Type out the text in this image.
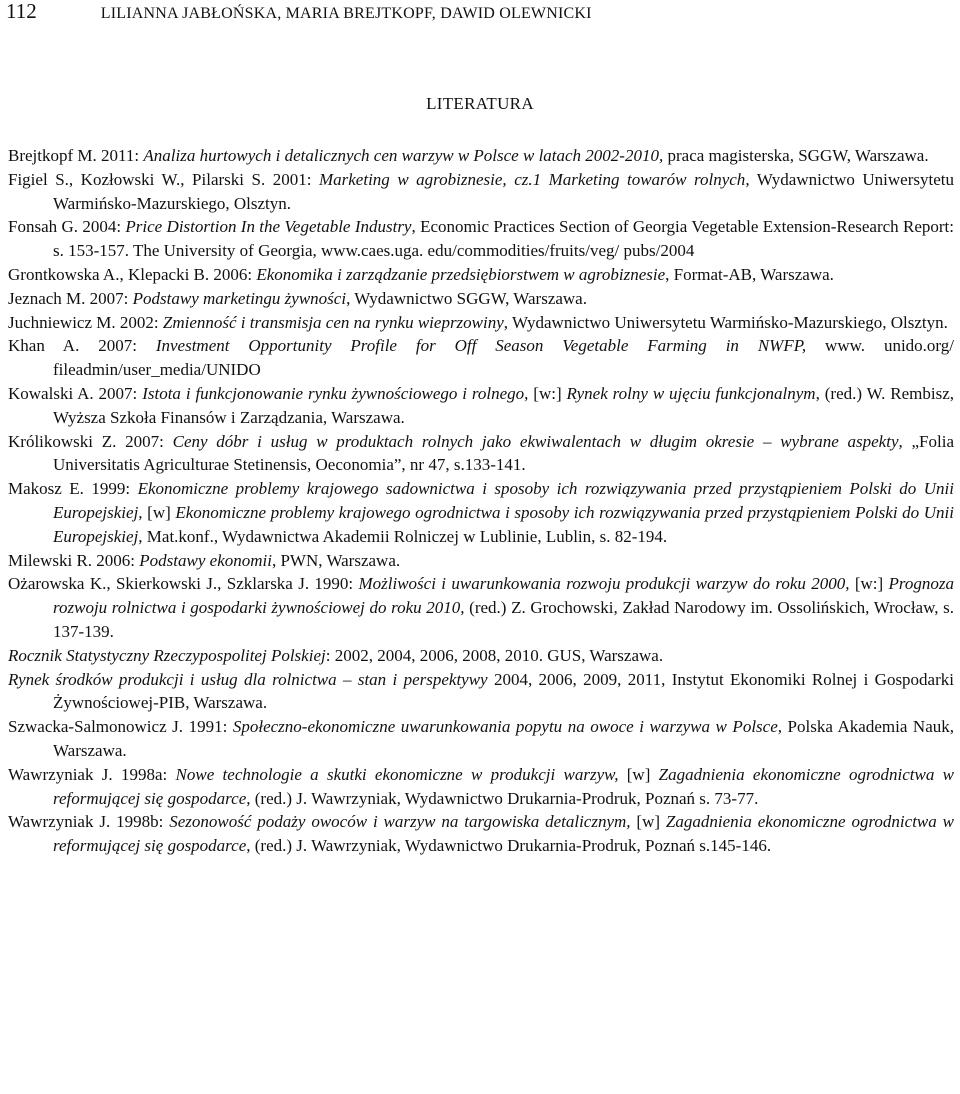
112	LILIANNA JABŁOŃSKA, MARIA BREJTKOPF, DAWID OLEWNICKI
LITERATURA
Brejtkopf M. 2011: Analiza hurtowych i detalicznych cen warzyw w Polsce w latach 2002-2010, praca magisterska, SGGW, Warszawa.
Figiel S., Kozłowski W., Pilarski S. 2001: Marketing w agrobiznesie, cz.1 Marketing towarów rolnych, Wydawnictwo Uniwersytetu Warmińsko-Mazurskiego, Olsztyn.
Fonsah G. 2004: Price Distortion In the Vegetable Industry, Economic Practices Section of Georgia Vegetable Extension-Research Report: s. 153-157. The University of Georgia, www.caes.uga. edu/commodities/fruits/veg/ pubs/2004
Grontkowska A., Klepacki B. 2006: Ekonomika i zarządzanie przedsiębiorstwem w agrobiznesie, Format-AB, Warszawa.
Jeznach M. 2007: Podstawy marketingu żywności, Wydawnictwo SGGW, Warszawa.
Juchniewicz M. 2002: Zmienność i transmisja cen na rynku wieprzowiny, Wydawnictwo Uniwersytetu Warmińsko-Mazurskiego, Olsztyn.
Khan A. 2007: Investment Opportunity Profile for Off Season Vegetable Farming in NWFP, www. unido.org/ fileadmin/user_media/UNIDO
Kowalski A. 2007: Istota i funkcjonowanie rynku żywnościowego i rolnego, [w:] Rynek rolny w ujęciu funkcjonalnym, (red.) W. Rembisz, Wyższa Szkoła Finansów i Zarządzania, Warszawa.
Królikowski Z. 2007: Ceny dóbr i usług w produktach rolnych jako ekwiwalentach w długim okresie – wybrane aspekty, „Folia Universitatis Agriculturae Stetinensis, Oeconomia”, nr 47, s.133-141.
Makosz E. 1999: Ekonomiczne problemy krajowego sadownictwa i sposoby ich rozwiązywania przed przystąpieniem Polski do Unii Europejskiej, [w] Ekonomiczne problemy krajowego ogrodnictwa i sposoby ich rozwiązywania przed przystąpieniem Polski do Unii Europejskiej, Mat.konf., Wydawnictwa Akademii Rolniczej w Lublinie, Lublin, s. 82-194.
Milewski R. 2006: Podstawy ekonomii, PWN, Warszawa.
Ożarowska K., Skierkowski J., Szklarska J. 1990: Możliwości i uwarunkowania rozwoju produkcji warzyw do roku 2000, [w:] Prognoza rozwoju rolnictwa i gospodarki żywnościowej do roku 2010, (red.) Z. Grochowski, Zakład Narodowy im. Ossolińskich, Wrocław, s. 137-139.
Rocznik Statystyczny Rzeczypospolitej Polskiej: 2002, 2004, 2006, 2008, 2010. GUS, Warszawa.
Rynek środków produkcji i usług dla rolnictwa – stan i perspektywy 2004, 2006, 2009, 2011, Instytut Ekonomiki Rolnej i Gospodarki Żywnościowej-PIB, Warszawa.
Szwacka-Salmonowicz J. 1991: Społeczno-ekonomiczne uwarunkowania popytu na owoce i warzywa w Polsce, Polska Akademia Nauk, Warszawa.
Wawrzyniak J. 1998a: Nowe technologie a skutki ekonomiczne w produkcji warzyw, [w] Zagadnienia ekonomiczne ogrodnictwa w reformującej się gospodarce, (red.) J. Wawrzyniak, Wydawnictwo Drukarnia-Prodruk, Poznań s. 73-77.
Wawrzyniak J. 1998b: Sezonowość podaży owoców i warzyw na targowiska detalicznym, [w] Zagadnienia ekonomiczne ogrodnictwa w reformującej się gospodarce, (red.) J. Wawrzyniak, Wydawnictwo Drukarnia-Prodruk, Poznań s.145-146.
